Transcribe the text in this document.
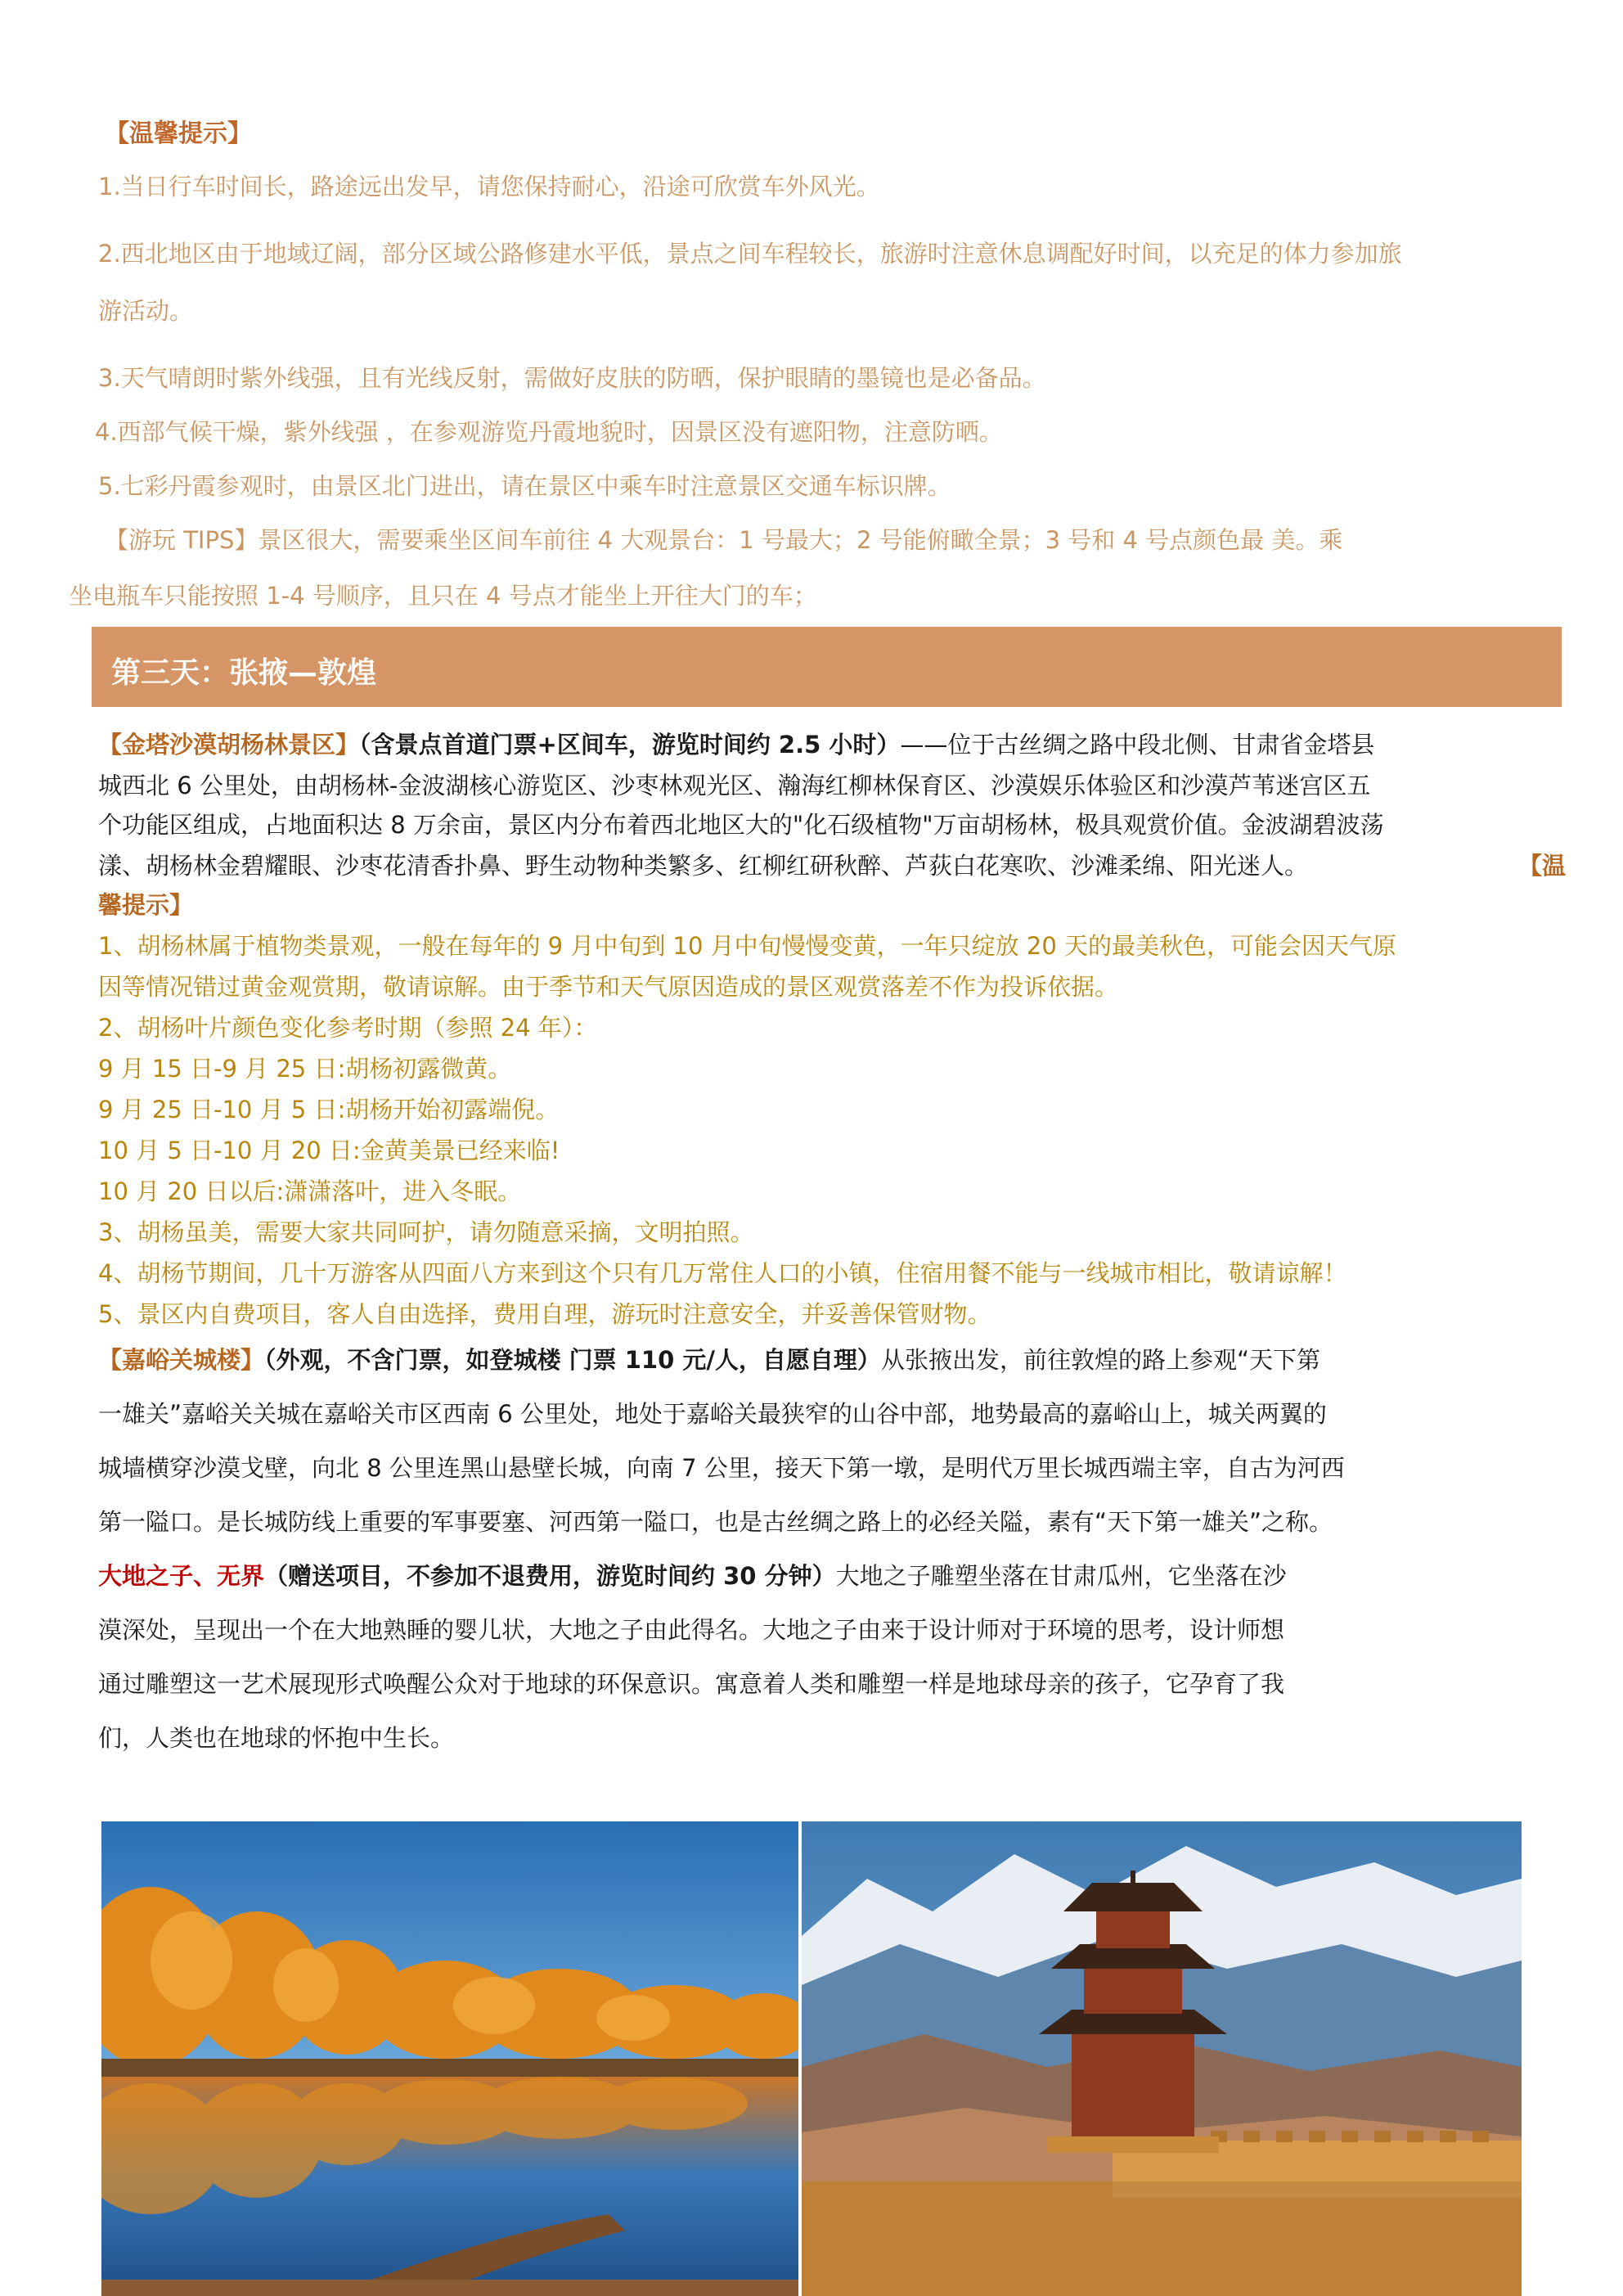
【温馨提示】
1.当日行车时间长，路途远出发早，请您保持耐心，沿途可欣赏车外风光。
2.西北地区由于地域辽阔，部分区域公路修建水平低，景点之间车程较长，旅游时注意休息调配好时间，以充足的体力参加旅
游活动。
3.天气晴朗时紫外线强，且有光线反射，需做好皮肤的防晒，保护眼睛的墨镜也是必备品。
4.西部气候干燥，紫外线强 ，在参观游览丹霞地貌时，因景区没有遮阳物，注意防晒。
5.七彩丹霞参观时，由景区北门进出，请在景区中乘车时注意景区交通车标识牌。
【游玩 TIPS】景区很大，需要乘坐区间车前往 4 大观景台：1 号最大；2 号能俯瞰全景；3 号和 4 号点颜色最 美。乘
坐电瓶车只能按照 1-4 号顺序，且只在 4 号点才能坐上开往大门的车；
第三天：张掖—敦煌
【金塔沙漠胡杨林景区】（含景点首道门票+区间车，游览时间约 2.5 小时）——位于古丝绸之路中段北侧、甘肃省金塔县
城西北 6 公里处，由胡杨林-金波湖核心游览区、沙枣林观光区、瀚海红柳林保育区、沙漠娱乐体验区和沙漠芦苇迷宫区五
个功能区组成，占地面积达 8 万余亩，景区内分布着西北地区大的"化石级植物"万亩胡杨林，极具观赏价值。金波湖碧波荡
漾、胡杨林金碧耀眼、沙枣花清香扑鼻、野生动物种类繁多、红柳红研秋醉、芦荻白花寒吹、沙滩柔绵、阳光迷人。	【温
馨提示】
1、胡杨林属于植物类景观，一般在每年的 9 月中旬到 10 月中旬慢慢变黄，一年只绽放 20 天的最美秋色，可能会因天气原
因等情况错过黄金观赏期，敬请谅解。由于季节和天气原因造成的景区观赏落差不作为投诉依据。
2、胡杨叶片颜色变化参考时期（参照 24 年）：
9 月 15 日-9 月 25 日:胡杨初露微黄。
9 月 25 日-10 月 5 日:胡杨开始初露端倪。
10 月 5 日-10 月 20 日:金黄美景已经来临!
10 月 20 日以后:潇潇落叶，进入冬眠。
3、胡杨虽美，需要大家共同呵护，请勿随意采摘，文明拍照。
4、胡杨节期间，几十万游客从四面八方来到这个只有几万常住人口的小镇，住宿用餐不能与一线城市相比，敬请谅解！
5、景区内自费项目，客人自由选择，费用自理，游玩时注意安全，并妥善保管财物。
【嘉峪关城楼】（外观，不含门票，如登城楼 门票 110 元/人，自愿自理）从张掖出发，前往敦煌的路上参观“天下第
一雄关”嘉峪关关城在嘉峪关市区西南 6 公里处，地处于嘉峪关最狭窄的山谷中部，地势最高的嘉峪山上，城关两翼的
城墙横穿沙漠戈壁，向北 8 公里连黑山悬壁长城，向南 7 公里，接天下第一墩，是明代万里长城西端主宰，自古为河西
第一隘口。是长城防线上重要的军事要塞、河西第一隘口，也是古丝绸之路上的必经关隘，素有“天下第一雄关”之称。
大地之子、无界（赠送项目，不参加不退费用，游览时间约 30 分钟）大地之子雕塑坐落在甘肃瓜州，它坐落在沙
漠深处，呈现出一个在大地熟睡的婴儿状，大地之子由此得名。大地之子由来于设计师对于环境的思考，设计师想
通过雕塑这一艺术展现形式唤醒公众对于地球的环保意识。寓意着人类和雕塑一样是地球母亲的孩子，它孕育了我
们，人类也在地球的怀抱中生长。
